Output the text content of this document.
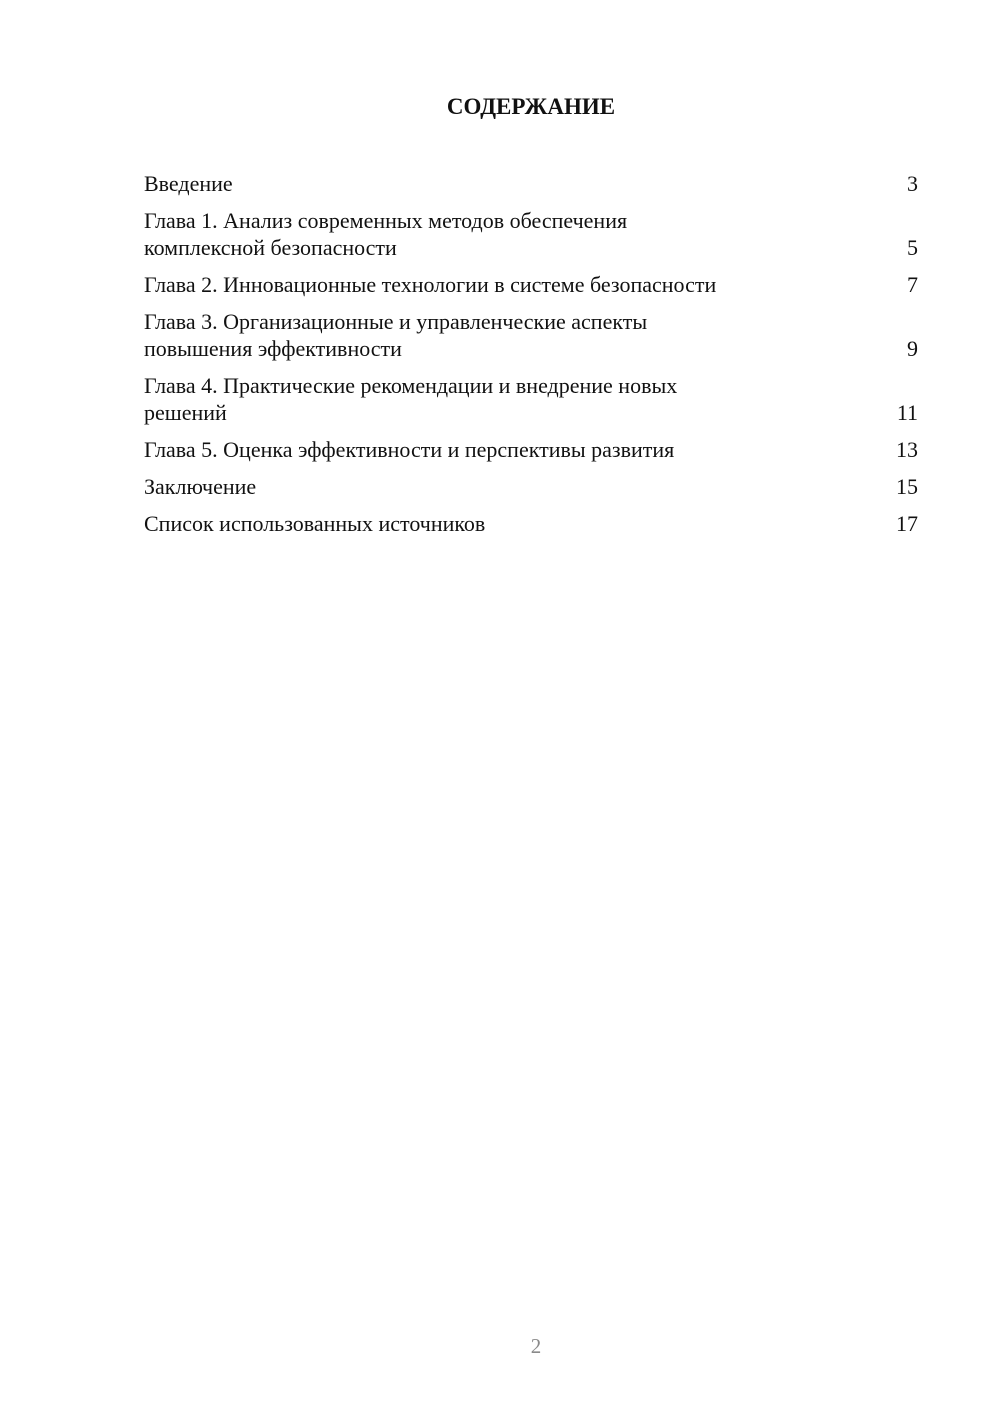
СОДЕРЖАНИЕ
Введение	3
Глава 1. Анализ современных методов обеспечения
комплексной безопасности	5
Глава 2. Инновационные технологии в системе безопасности	7
Глава 3. Организационные и управленческие аспекты
повышения эффективности	9
Глава 4. Практические рекомендации и внедрение новых
решений	11
Глава 5. Оценка эффективности и перспективы развития	13
Заключение	15
Список использованных источников	17
2
